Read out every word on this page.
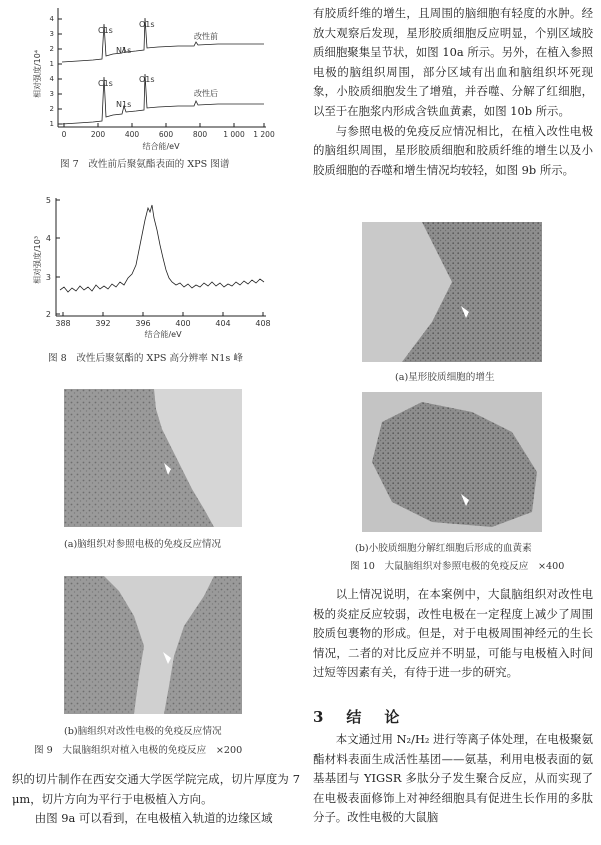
4
3
2
1
4
3
2
1
0	200	400	600	800 1 000 1 200
结合能/eV
相对强度/10⁴
C1s
N1s
O1s
C1s
N1s
O1s
改性前
改性后
图 7　改性前后聚氨酯表面的 XPS 图谱
5
4
3
2
388	392	396	400	404	408
结合能/eV
相对强度/10³
图 8　改性后聚氨酯的 XPS 高分辨率 N1s 峰
(a)脑组织对参照电极的免疫反应情况
(b)脑组织对改性电极的免疫反应情况
图 9　大鼠脑组织对植入电极的免疫反应　×200

织的切片制作在西安交通大学医学院完成，切片厚度为 7 μm，切片方向为平行于电极植入方向。

由图 9a 可以看到，在电极植入轨道的边缘区域

有胶质纤维的增生，且周围的脑细胞有轻度的水肿。经放大观察后发现，星形胶质细胞反应明显，个别区域胶质细胞聚集呈节状，如图 10a 所示。另外，在植入参照电极的脑组织周围，部分区域有出血和脑组织坏死现象，小胶质细胞发生了增殖，并吞噬、分解了红细胞，以至于在胞浆内形成含铁血黄素，如图 10b 所示。

与参照电极的免疫反应情况相比，在植入改性电极的脑组织周围，星形胶质细胞和胶质纤维的增生以及小胶质细胞的吞噬和增生情况均较轻，如图 9b 所示。

(a)星形胶质细胞的增生
(b)小胶质细胞分解红细胞后形成的血黄素
图 10　大鼠脑组织对参照电极的免疫反应　×400

以上情况说明，在本案例中，大鼠脑组织对改性电极的炎症反应较弱，改性电极在一定程度上减少了周围胶质包裹物的形成。但是，对于电极周围神经元的生长情况，二者的对比反应并不明显，可能与电极植入时间过短等因素有关，有待于进一步的研究。

3　结　论

本文通过用 N₂/H₂ 进行等离子体处理，在电极聚氨酯材料表面生成活性基团——氨基，利用电极表面的氨基基团与 YIGSR 多肽分子发生聚合反应，从而实现了在电极表面修饰上对神经细胞具有促进生长作用的多肽分子。改性电极的大鼠脑
